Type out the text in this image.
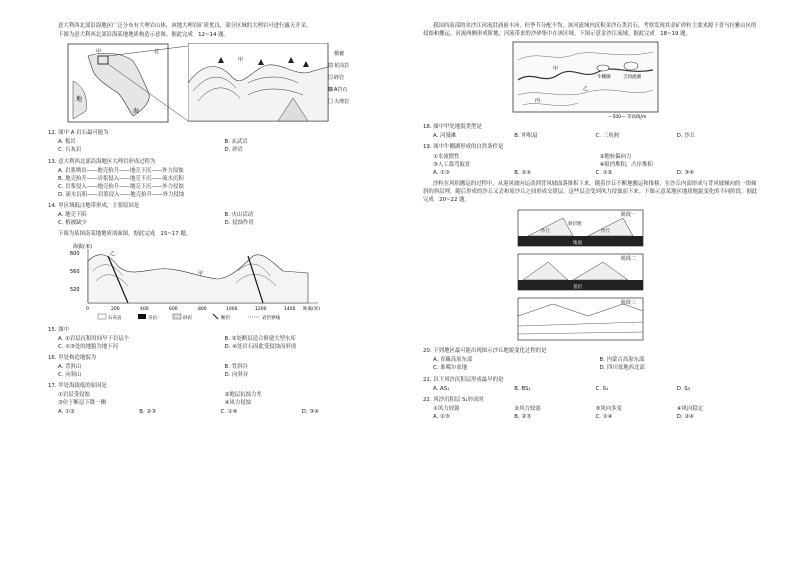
意大利西北部沿海地区广泛分布有大理岩山体，该地大理岩矿质优良，部分区域的大理岩可进行露天开采。

下图为意大利西北部沿海某地地质构造示意图。据此完成　12~14 题。

甲
地
海
北
甲
植被
花岗岩
砂岩
A岩石
大理岩
12. 图中 A 岩石最可能为
A. 板岩	B. 玄武岩
C. 石灰岩	D. 砂岩
13. 意大利西北部沿海地区大理岩形成过程为
A. 岩浆喷出——地壳抬升——地壳下沉——外力侵蚀
B. 地壳抬升——岩浆侵入——地壳下沉——流水沉积
C. 岩浆侵入——地壳抬升——地壳下沉——外力侵蚀
D. 流水沉积——岩浆侵入——地壳抬升——外力侵蚀
14. 甲区域低洼地带形成，主要原因是
A. 地壳下陷	B. 火山活动
C. 植被缺少	D. 侵蚀作用

下图为某图南某地地质剖面图。据此完成　15~17 题。

海拔(米)
600
560
520
甲
乙
0	200	400	600	800	1000	1200	1400 距离(米)
石灰岩	页岩	砂岩	断层	岩层界线
15. 图中
A. ①岩层沉积时间早于岩层个	B. ②处断层适合修建大型水库
C. ①③处的地貌为地下河	D. ④处岩石因此受侵蚀而形成
16. 甲处构造地貌为
A. 背斜山	B. 背斜谷
C. 向斜山	D. 向斜谷
17. 甲处海拔低的原因是
①岩层受侵蚀	②地层抗蚀力差
③位于断层下降一侧	④风力侵蚀
A. ①②	B. ②③	C. ①④	D. ③④

我国西南部的金沙江河流洪涌量丰沛，但季节分配不均，该河流域内沉积金沙石类岩石，考察发现其金矿砂粒主要来源于喜马拉雅山区的侵蚀和搬运。河流两侧形成阶地，河流带来的沙砂集中在该区域。下图示意金沙江流域。据此完成　18~19 题。

甲
乙
丙
牛棚湖	吉同流湖
—500— 等高线/m
18. 图中甲处地貌类型是
A. 河漫滩	B. 冲积扇	C. 三角洲	D. 沙丘
19. 图中牛棚湖形成的自然条件是
①水流惯性	②地转偏向力
③人工裁弯取直	④阻挡堆积，凸岸堆积
A. ①③	B. ②④	C. ①②	D. ③④

沙粒在风积搬运的过程中，从迎风坡向运动到背风坡面落推积下来。随着沙丘不断地搬运和推移，在沙丘内部形成与背风坡倾向的一组倾斜的斜层理，随后形成的沙丘又会和原沙丘之间形成交错层，这些层会受到风力侵蚀而下来。下图示意某地区地质地貌变化的不同阶段。据此完成　20~22 题。

阶段一
沙丘	沙丘
斜层理
地面
阶段二
基层
阶段三
20. 下列地区最可能出现图示沙丘地貌变化过程的是
A. 青藏高原东部	B. 内蒙古高原东部
C. 准噶尔盆地	D. 四川盆地西北部
21. 以下风沙沉积层形成最早的是
A. AS₁	B. BS₁	C. S₁	D. S₃
22. 风沙沉积层 S₁形成时
①风力较强	②风力较弱	③风向多变	④风向稳定
A. ①③	B. ②③	C. ①④	D. ②④
